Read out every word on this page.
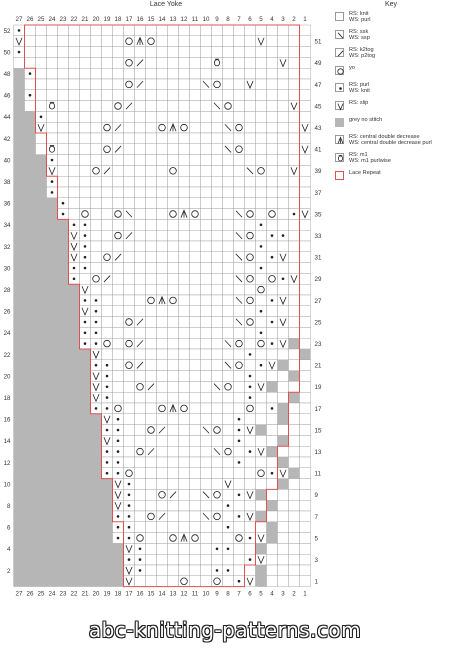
Lace Yoke	Key
27
27
26
26
25
25
24
24
23
23
22
22
21
21
20
20
19
19
18
18
17
17
16
16
15
15
14
14
13
13
12
12
11
11
10
10
9
9
8
8
7
7
6
6
5
5
4
4
3
3
2
2
1
1
52
50
48
46
44
42
40
38
36
34
32
30
28
26
24
22
20
18
16
14
12
10
8
6
4
2
51
49
47
45
43
41
39
37
35
33
31
29
27
25
23
21
19
17
15
13
11
9
7
5
3
1
RS: knit
WS: purl
RS: ssk
WS: ssp
RS: k2tog
WS: p2tog
yo
RS: purl
WS: knit
RS: slip
grey no stitch
RS: central double decrease
WS: central double decrease purl
RS: m1
WS: m1 purlwise
Lace Repeat
abc-knitting-patterns.com
